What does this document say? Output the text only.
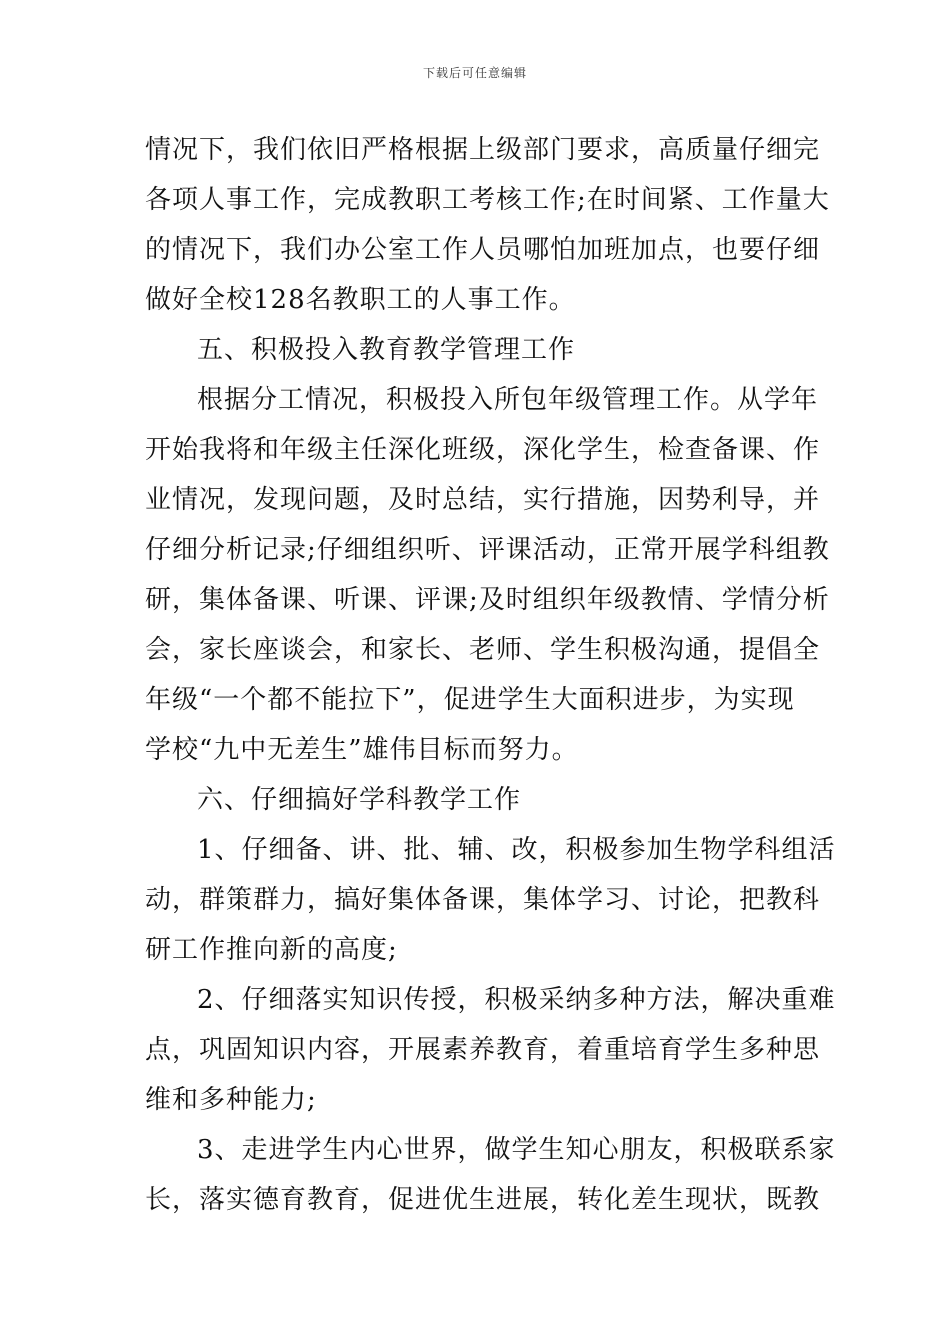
下载后可任意编辑
情况下，我们依旧严格根据上级部门要求，高质量仔细完
各项人事工作，完成教职工考核工作;在时间紧、工作量大
的情况下，我们办公室工作人员哪怕加班加点，也要仔细
做好全校128名教职工的人事工作。
五、积极投入教育教学管理工作
根据分工情况，积极投入所包年级管理工作。从学年
开始我将和年级主任深化班级，深化学生，检查备课、作
业情况，发现问题，及时总结，实行措施，因势利导，并
仔细分析记录;仔细组织听、评课活动，正常开展学科组教
研，集体备课、听课、评课;及时组织年级教情、学情分析
会，家长座谈会，和家长、老师、学生积极沟通，提倡全
年级“一个都不能拉下”，促进学生大面积进步，为实现
学校“九中无差生”雄伟目标而努力。
六、仔细搞好学科教学工作
1、仔细备、讲、批、辅、改，积极参加生物学科组活
动，群策群力，搞好集体备课，集体学习、讨论，把教科
研工作推向新的高度;
2、仔细落实知识传授，积极采纳多种方法，解决重难
点，巩固知识内容，开展素养教育，着重培育学生多种思
维和多种能力;
3、走进学生内心世界，做学生知心朋友，积极联系家
长，落实德育教育，促进优生进展，转化差生现状，既教
